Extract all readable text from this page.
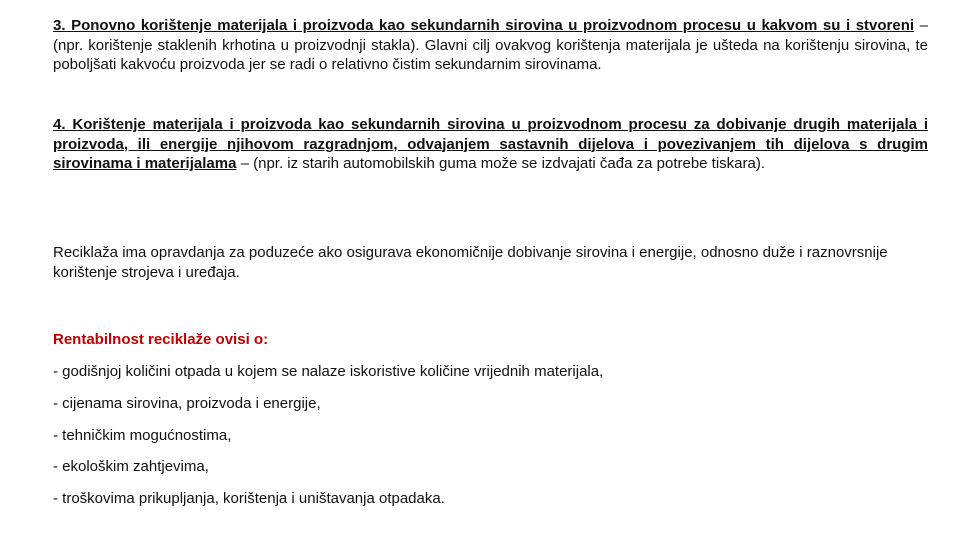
3. Ponovno korištenje materijala i proizvoda kao sekundarnih sirovina u proizvodnom procesu u kakvom su i stvoreni – (npr. korištenje staklenih krhotina u proizvodnji stakla). Glavni cilj ovakvog korištenja materijala je ušteda na korištenju sirovina, te poboljšati kakvoću proizvoda jer se radi o relativno čistim sekundarnim sirovinama.

4. Korištenje materijala i proizvoda kao sekundarnih sirovina u proizvodnom procesu za dobivanje drugih materijala i proizvoda, ili energije njihovom razgradnjom, odvajanjem sastavnih dijelova i povezivanjem tih dijelova s drugim sirovinama i materijalama – (npr. iz starih automobilskih guma može se izdvajati čađa za potrebe tiskara).

Reciklaža ima opravdanja za poduzeće ako osigurava ekonomičnije dobivanje sirovina i energije, odnosno duže i raznovrsnije korištenje strojeva i uređaja.

Rentabilnost reciklaže ovisi o:

- godišnjoj količini otpada u kojem se nalaze iskoristive količine vrijednih materijala,

- cijenama sirovina, proizvoda i energije,

- tehničkim mogućnostima,

- ekološkim zahtjevima,

- troškovima prikupljanja, korištenja i uništavanja otpadaka.
